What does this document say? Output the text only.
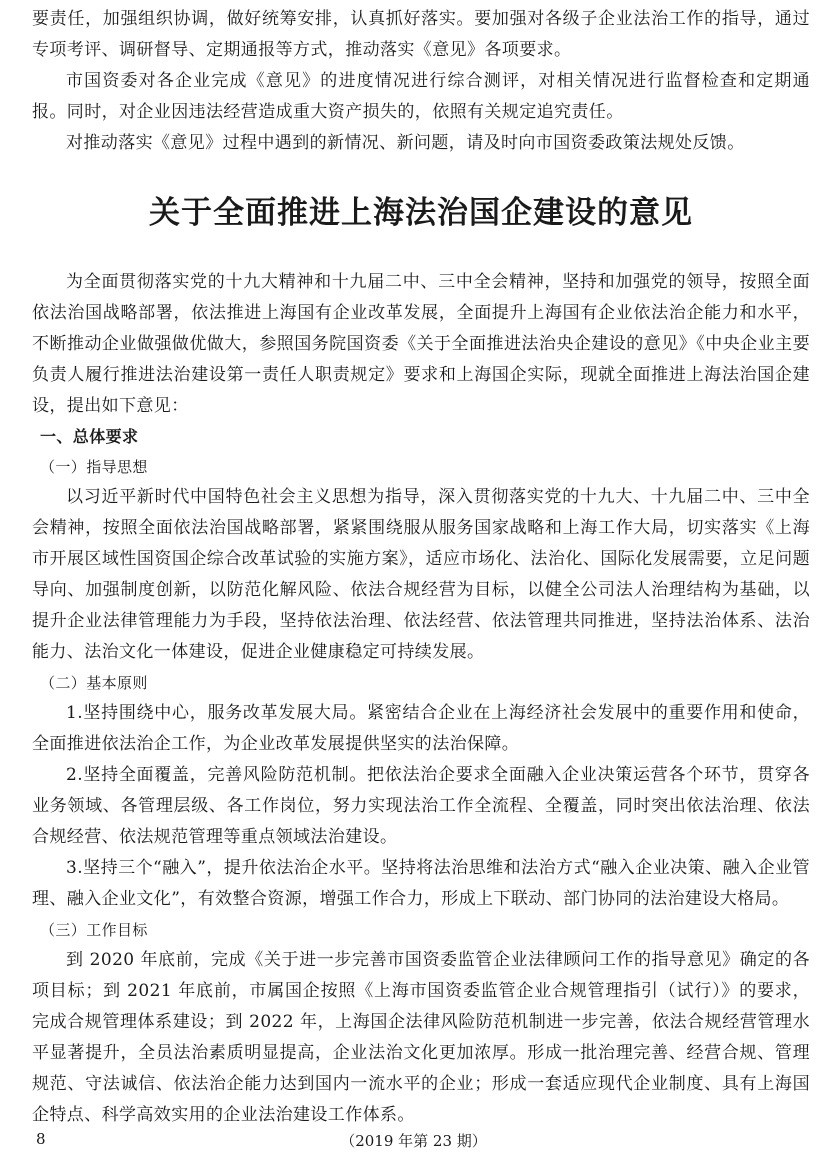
要责任，加强组织协调，做好统筹安排，认真抓好落实。要加强对各级子企业法治工作的指导，通过专项考评、调研督导、定期通报等方式，推动落实《意见》各项要求。

市国资委对各企业完成《意见》的进度情况进行综合测评，对相关情况进行监督检查和定期通报。同时，对企业因违法经营造成重大资产损失的，依照有关规定追究责任。

对推动落实《意见》过程中遇到的新情况、新问题，请及时向市国资委政策法规处反馈。

关于全面推进上海法治国企建设的意见

为全面贯彻落实党的十九大精神和十九届二中、三中全会精神，坚持和加强党的领导，按照全面依法治国战略部署，依法推进上海国有企业改革发展，全面提升上海国有企业依法治企能力和水平，不断推动企业做强做优做大，参照国务院国资委《关于全面推进法治央企建设的意见》《中央企业主要负责人履行推进法治建设第一责任人职责规定》要求和上海国企实际，现就全面推进上海法治国企建设，提出如下意见：

一、总体要求

（一）指导思想

以习近平新时代中国特色社会主义思想为指导，深入贯彻落实党的十九大、十九届二中、三中全会精神，按照全面依法治国战略部署，紧紧围绕服从服务国家战略和上海工作大局，切实落实《上海市开展区域性国资国企综合改革试验的实施方案》，适应市场化、法治化、国际化发展需要，立足问题导向、加强制度创新，以防范化解风险、依法合规经营为目标，以健全公司法人治理结构为基础，以提升企业法律管理能力为手段，坚持依法治理、依法经营、依法管理共同推进，坚持法治体系、法治能力、法治文化一体建设，促进企业健康稳定可持续发展。

（二）基本原则

1.坚持围绕中心，服务改革发展大局。紧密结合企业在上海经济社会发展中的重要作用和使命，全面推进依法治企工作，为企业改革发展提供坚实的法治保障。

2.坚持全面覆盖，完善风险防范机制。把依法治企要求全面融入企业决策运营各个环节，贯穿各业务领域、各管理层级、各工作岗位，努力实现法治工作全流程、全覆盖，同时突出依法治理、依法合规经营、依法规范管理等重点领域法治建设。

3.坚持三个“融入”，提升依法治企水平。坚持将法治思维和法治方式“融入企业决策、融入企业管理、融入企业文化”，有效整合资源，增强工作合力，形成上下联动、部门协同的法治建设大格局。

（三）工作目标

到 2020 年底前，完成《关于进一步完善市国资委监管企业法律顾问工作的指导意见》确定的各项目标；到 2021 年底前，市属国企按照《上海市国资委监管企业合规管理指引（试行）》的要求，完成合规管理体系建设；到 2022 年，上海国企法律风险防范机制进一步完善，依法合规经营管理水平显著提升，全员法治素质明显提高，企业法治文化更加浓厚。形成一批治理完善、经营合规、管理规范、守法诚信、依法治企能力达到国内一流水平的企业；形成一套适应现代企业制度、具有上海国企特点、科学高效实用的企业法治建设工作体系。

8	（2019 年第 23 期）
